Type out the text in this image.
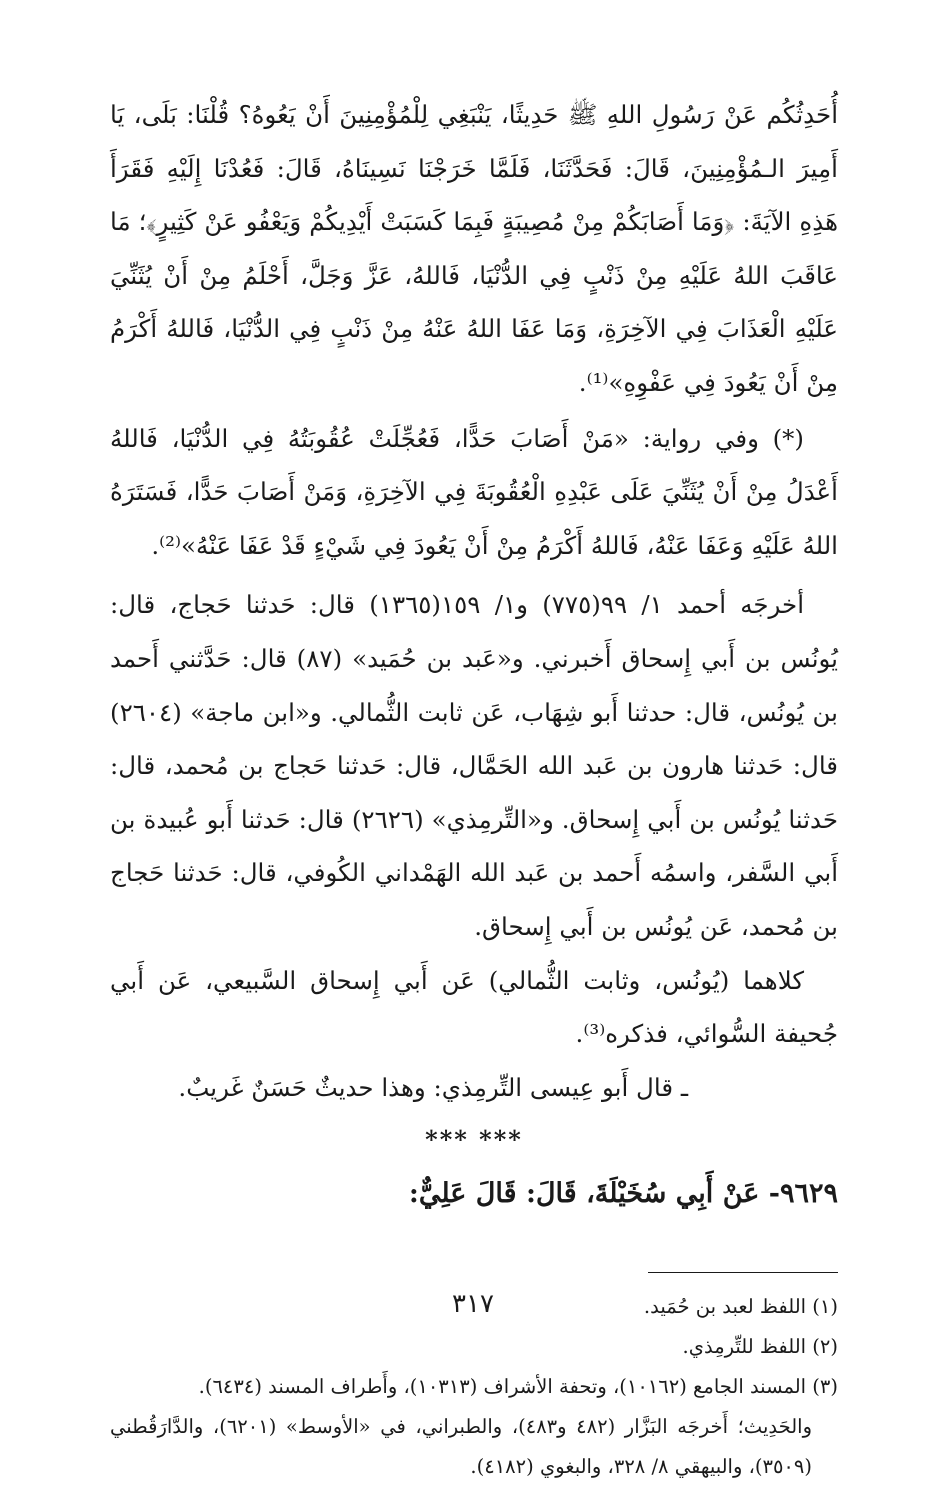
أُحَدِثُكُم عَنْ رَسُولِ اللهِ ﷺ حَدِيثًا، يَنْبَغِي لِلْمُؤْمِنِينَ أَنْ يَعُوهُ؟ قُلْنَا: بَلَى، يَا أَمِيرَ الـمُؤْمِنِينَ، قَالَ: فَحَدَّثَنَا، فَلَمَّا خَرَجْنَا نَسِينَاهُ، قَالَ: فَعُدْنَا إِلَيْهِ فَقَرَأَ هَذِهِ الآيَةَ: ﴿وَمَا أَصَابَكُمْ مِنْ مُصِيبَةٍ فَبِمَا كَسَبَتْ أَيْدِيكُمْ وَيَعْفُو عَنْ كَثِيرٍ﴾؛ مَا عَاقَبَ اللهُ عَلَيْهِ مِنْ ذَنْبٍ فِي الدُّنْيَا، فَاللهُ، عَزَّ وَجَلَّ، أَحْلَمُ مِنْ أَنْ يُثَنِّيَ عَلَيْهِ الْعَذَابَ فِي الآخِرَةِ، وَمَا عَفَا اللهُ عَنْهُ مِنْ ذَنْبٍ فِي الدُّنْيَا، فَاللهُ أَكْرَمُ مِنْ أَنْ يَعُودَ فِي عَفْوِهِ»⁽¹⁾.

(*) وفي رواية: «مَنْ أَصَابَ حَدًّا، فَعُجِّلَتْ عُقُوبَتُهُ فِي الدُّنْيَا، فَاللهُ أَعْدَلُ مِنْ أَنْ يُثَنِّيَ عَلَى عَبْدِهِ الْعُقُوبَةَ فِي الآخِرَةِ، وَمَنْ أَصَابَ حَدًّا، فَسَتَرَهُ اللهُ عَلَيْهِ وَعَفَا عَنْهُ، فَاللهُ أَكْرَمُ مِنْ أَنْ يَعُودَ فِي شَيْءٍ قَدْ عَفَا عَنْهُ»⁽²⁾.

أخرجَه أحمد ١/ ٩٩(٧٧٥) و١/ ١٥٩(١٣٦٥) قال: حَدثنا حَجاج، قال: يُونُس بن أَبي إِسحاق أَخبرني. و«عَبد بن حُمَيد» (٨٧) قال: حَدَّثني أَحمد بن يُونُس، قال: حدثنا أَبو شِهَاب، عَن ثابت الثُّمالي. و«ابن ماجة» (٢٦٠٤) قال: حَدثنا هارون بن عَبد الله الحَمَّال، قال: حَدثنا حَجاج بن مُحمد، قال: حَدثنا يُونُس بن أَبي إِسحاق. و«التِّرمِذي» (٢٦٢٦) قال: حَدثنا أَبو عُبيدة بن أَبي السَّفر، واسمُه أَحمد بن عَبد الله الهَمْداني الكُوفي، قال: حَدثنا حَجاج بن مُحمد، عَن يُونُس بن أَبي إِسحاق.

كلاهما (يُونُس، وثابت الثُّمالي) عَن أَبي إِسحاق السَّبيعي، عَن أَبي جُحيفة السُّوائي، فذكره⁽³⁾.

ـ قال أَبو عِيسى التِّرمِذي: وهذا حديثٌ حَسَنٌ غَريبٌ.

*** ***

٩٦٢٩- عَنْ أَبِي سُخَيْلَةَ، قَالَ: قَالَ عَلِيٌّ:

(١) اللفظ لعبد بن حُمَيد.

(٢) اللفظ للتِّرمِذي.

(٣) المسند الجامع (١٠١٦٢)، وتحفة الأشراف (١٠٣١٣)، وأَطراف المسند (٦٤٣٤).

والحَدِيث؛ أَخرجَه البَزَّار (٤٨٢ و٤٨٣)، والطبراني، في «الأوسط» (٦٢٠١)، والدَّارَقُطني (٣٥٠٩)، والبيهقي ٨/ ٣٢٨، والبغوي (٤١٨٢).

٣١٧
